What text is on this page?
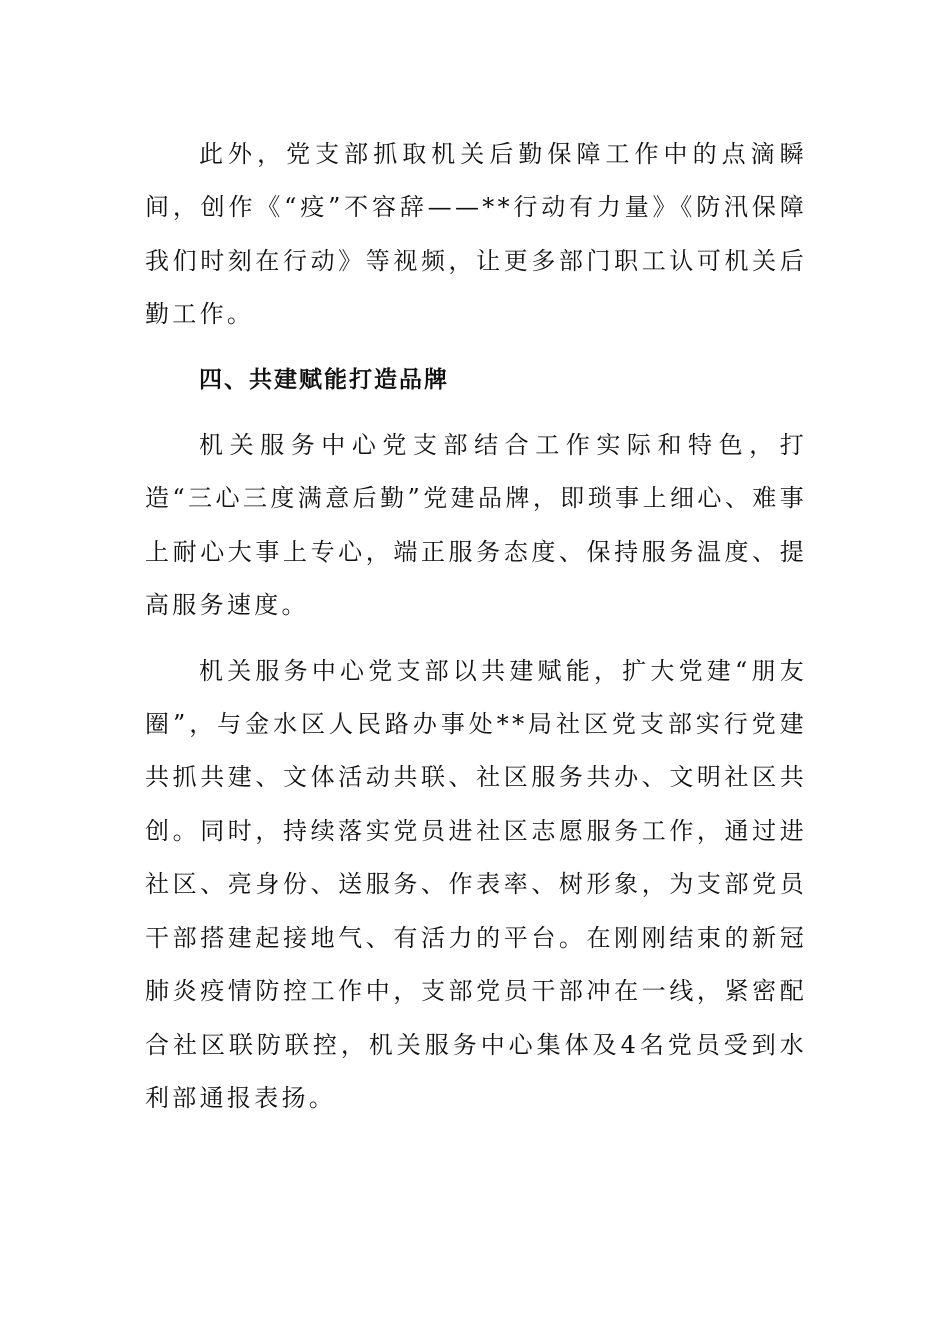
此外，党支部抓取机关后勤保障工作中的点滴瞬间，创作《“疫”不容辞——**行动有力量》《防汛保障我们时刻在行动》等视频，让更多部门职工认可机关后勤工作。

四、共建赋能打造品牌

机关服务中心党支部结合工作实际和特色，打造“三心三度满意后勤”党建品牌，即琐事上细心、难事上耐心大事上专心，端正服务态度、保持服务温度、提高服务速度。

机关服务中心党支部以共建赋能，扩大党建“朋友圈”，与金水区人民路办事处**局社区党支部实行党建共抓共建、文体活动共联、社区服务共办、文明社区共创。同时，持续落实党员进社区志愿服务工作，通过进社区、亮身份、送服务、作表率、树形象，为支部党员干部搭建起接地气、有活力的平台。在刚刚结束的新冠肺炎疫情防控工作中，支部党员干部冲在一线，紧密配合社区联防联控，机关服务中心集体及4名党员受到水利部通报表扬。
